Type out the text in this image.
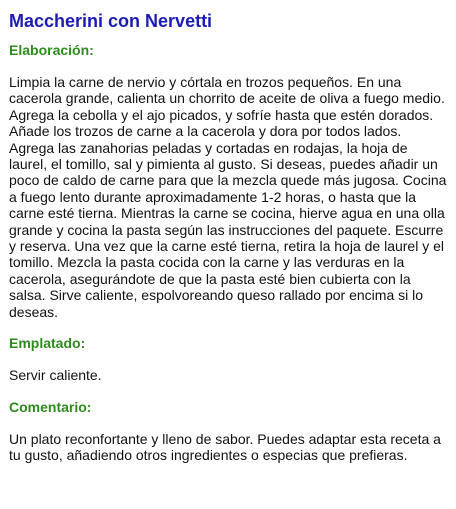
Maccherini con Nervetti
Elaboración:

Limpia la carne de nervio y córtala en trozos pequeños. En una cacerola grande, calienta un chorrito de aceite de oliva a fuego medio. Agrega la cebolla y el ajo picados, y sofríe hasta que estén dorados. Añade los trozos de carne a la cacerola y dora por todos lados. Agrega las zanahorias peladas y cortadas en rodajas, la hoja de laurel, el tomillo, sal y pimienta al gusto. Si deseas, puedes añadir un poco de caldo de carne para que la mezcla quede más jugosa. Cocina a fuego lento durante aproximadamente 1-2 horas, o hasta que la carne esté tierna. Mientras la carne se cocina, hierve agua en una olla grande y cocina la pasta según las instrucciones del paquete. Escurre y reserva. Una vez que la carne esté tierna, retira la hoja de laurel y el tomillo. Mezcla la pasta cocida con la carne y las verduras en la cacerola, asegurándote de que la pasta esté bien cubierta con la salsa. Sirve caliente, espolvoreando queso rallado por encima si lo deseas.

Emplatado:

Servir caliente.

Comentario:

Un plato reconfortante y lleno de sabor. Puedes adaptar esta receta a tu gusto, añadiendo otros ingredientes o especias que prefieras.
